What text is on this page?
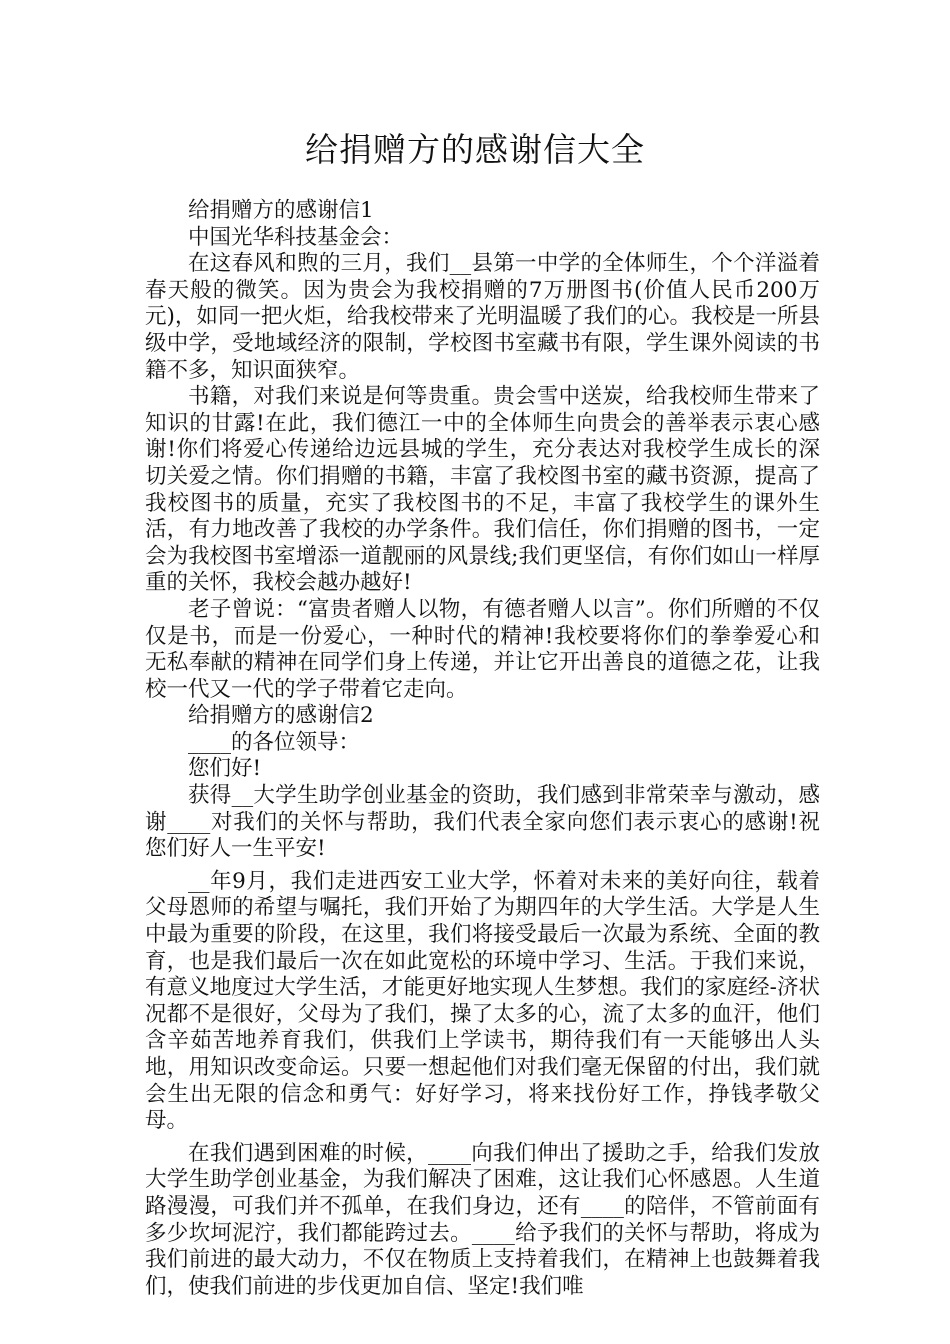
给捐赠方的感谢信大全

给捐赠方的感谢信1

中国光华科技基金会：

在这春风和煦的三月，我们__县第一中学的全体师生，个个洋溢着春天般的微笑。因为贵会为我校捐赠的7万册图书(价值人民币200万元)，如同一把火炬，给我校带来了光明温暖了我们的心。我校是一所县级中学，受地域经济的限制，学校图书室藏书有限，学生课外阅读的书籍不多，知识面狭窄。

书籍，对我们来说是何等贵重。贵会雪中送炭，给我校师生带来了知识的甘露!在此，我们德江一中的全体师生向贵会的善举表示衷心感谢!你们将爱心传递给边远县城的学生，充分表达对我校学生成长的深切关爱之情。你们捐赠的书籍，丰富了我校图书室的藏书资源，提高了我校图书的质量，充实了我校图书的不足，丰富了我校学生的课外生活，有力地改善了我校的办学条件。我们信任，你们捐赠的图书，一定会为我校图书室增添一道靓丽的风景线;我们更坚信，有你们如山一样厚重的关怀，我校会越办越好!

老子曾说：“富贵者赠人以物，有德者赠人以言”。你们所赠的不仅仅是书，而是一份爱心，一种时代的精神!我校要将你们的拳拳爱心和无私奉献的精神在同学们身上传递，并让它开出善良的道德之花，让我校一代又一代的学子带着它走向。

给捐赠方的感谢信2

____的各位领导：

您们好!

获得__大学生助学创业基金的资助，我们感到非常荣幸与激动，感谢____对我们的关怀与帮助，我们代表全家向您们表示衷心的感谢!祝您们好人一生平安!

__年9月，我们走进西安工业大学，怀着对未来的美好向往，载着父母恩师的希望与嘱托，我们开始了为期四年的大学生活。大学是人生中最为重要的阶段，在这里，我们将接受最后一次最为系统、全面的教育，也是我们最后一次在如此宽松的环境中学习、生活。于我们来说，有意义地度过大学生活，才能更好地实现人生梦想。我们的家庭经-济状况都不是很好，父母为了我们，操了太多的心，流了太多的血汗，他们含辛茹苦地养育我们，供我们上学读书，期待我们有一天能够出人头地，用知识改变命运。只要一想起他们对我们毫无保留的付出，我们就会生出无限的信念和勇气：好好学习，将来找份好工作，挣钱孝敬父母。

在我们遇到困难的时候，____向我们伸出了援助之手，给我们发放大学生助学创业基金，为我们解决了困难，这让我们心怀感恩。人生道路漫漫，可我们并不孤单，在我们身边，还有____的陪伴，不管前面有多少坎坷泥泞，我们都能跨过去。____给予我们的关怀与帮助，将成为我们前进的最大动力，不仅在物质上支持着我们，在精神上也鼓舞着我们，使我们前进的步伐更加自信、坚定!我们唯
